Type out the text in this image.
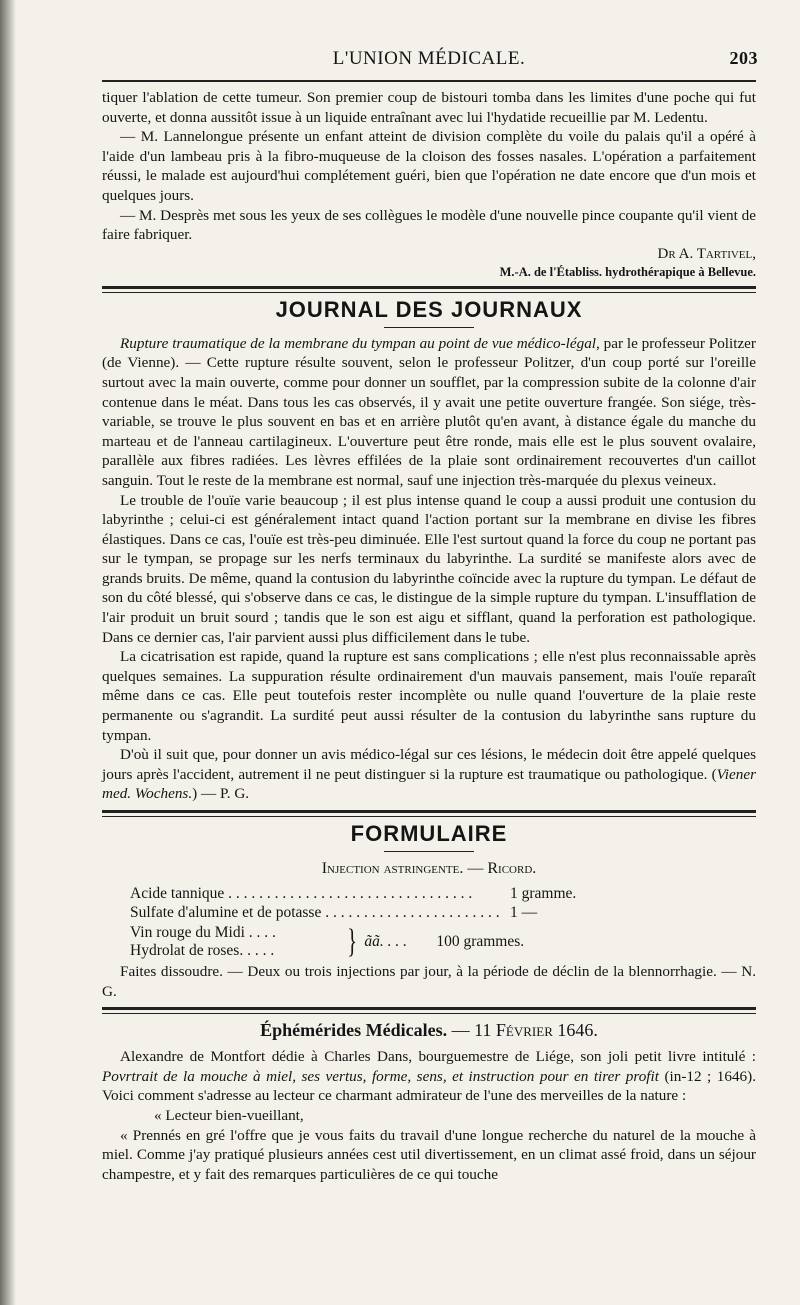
L'UNION MÉDICALE.	203

tiquer l'ablation de cette tumeur. Son premier coup de bistouri tomba dans les limites d'une poche qui fut ouverte, et donna aussitôt issue à un liquide entraînant avec lui l'hydatide recueillie par M. Ledentu.

— M. Lannelongue présente un enfant atteint de division complète du voile du palais qu'il a opéré à l'aide d'un lambeau pris à la fibro-muqueuse de la cloison des fosses nasales. L'opération a parfaitement réussi, le malade est aujourd'hui complétement guéri, bien que l'opération ne date encore que d'un mois et quelques jours.

— M. Desprès met sous les yeux de ses collègues le modèle d'une nouvelle pince coupante qu'il vient de faire fabriquer.

Dr A. Tartivel,
M.-A. de l'Établiss. hydrothérapique à Bellevue.
JOURNAL DES JOURNAUX

Rupture traumatique de la membrane du tympan au point de vue médico-légal, par le professeur Politzer (de Vienne). — Cette rupture résulte souvent, selon le professeur Politzer, d'un coup porté sur l'oreille surtout avec la main ouverte, comme pour donner un soufflet, par la compression subite de la colonne d'air contenue dans le méat. Dans tous les cas observés, il y avait une petite ouverture frangée. Son siége, très-variable, se trouve le plus souvent en bas et en arrière plutôt qu'en avant, à distance égale du manche du marteau et de l'anneau cartilagineux. L'ouverture peut être ronde, mais elle est le plus souvent ovalaire, parallèle aux fibres radiées. Les lèvres effilées de la plaie sont ordinairement recouvertes d'un caillot sanguin. Tout le reste de la membrane est normal, sauf une injection très-marquée du plexus veineux.

Le trouble de l'ouïe varie beaucoup ; il est plus intense quand le coup a aussi produit une contusion du labyrinthe ; celui-ci est généralement intact quand l'action portant sur la membrane en divise les fibres élastiques. Dans ce cas, l'ouïe est très-peu diminuée. Elle l'est surtout quand la force du coup ne portant pas sur le tympan, se propage sur les nerfs terminaux du labyrinthe. La surdité se manifeste alors avec de grands bruits. De même, quand la contusion du labyrinthe coïncide avec la rupture du tympan. Le défaut de son du côté blessé, qui s'observe dans ce cas, le distingue de la simple rupture du tympan. L'insufflation de l'air produit un bruit sourd ; tandis que le son est aigu et sifflant, quand la perforation est pathologique. Dans ce dernier cas, l'air parvient aussi plus difficilement dans le tube.

La cicatrisation est rapide, quand la rupture est sans complications ; elle n'est plus reconnaissable après quelques semaines. La suppuration résulte ordinairement d'un mauvais pansement, mais l'ouïe reparaît même dans ce cas. Elle peut toutefois rester incomplète ou nulle quand l'ouverture de la plaie reste permanente ou s'agrandit. La surdité peut aussi résulter de la contusion du labyrinthe sans rupture du tympan.

D'où il suit que, pour donner un avis médico-légal sur ces lésions, le médecin doit être appelé quelques jours après l'accident, autrement il ne peut distinguer si la rupture est traumatique ou pathologique. (Viener med. Wochens.) — P. G.

FORMULAIRE
Injection astringente. — Ricord.
Acide tannique . . .	1 gramme.
Sulfate d'alumine et de potasse . . .	1 —
Vin rouge du Midi . . . .
Hydrolat de roses. . . . .	} ãã. . . .	100 grammes.

Faites dissoudre. — Deux ou trois injections par jour, à la période de déclin de la blennorrhagie. — N. G.

Éphémérides Médicales. — 11 Février 1646.

Alexandre de Montfort dédie à Charles Dans, bourguemestre de Liége, son joli petit livre intitulé : Povrtrait de la mouche à miel, ses vertus, forme, sens, et instruction pour en tirer profit (in-12 ; 1646). Voici comment s'adresse au lecteur ce charmant admirateur de l'une des merveilles de la nature :

« Lecteur bien-vueillant,

« Prennés en gré l'offre que je vous faits du travail d'une longue recherche du naturel de la mouche à miel. Comme j'ay pratiqué plusieurs années cest util divertissement, en un climat assé froid, dans un séjour champestre, et y fait des remarques particulières de ce qui touche
